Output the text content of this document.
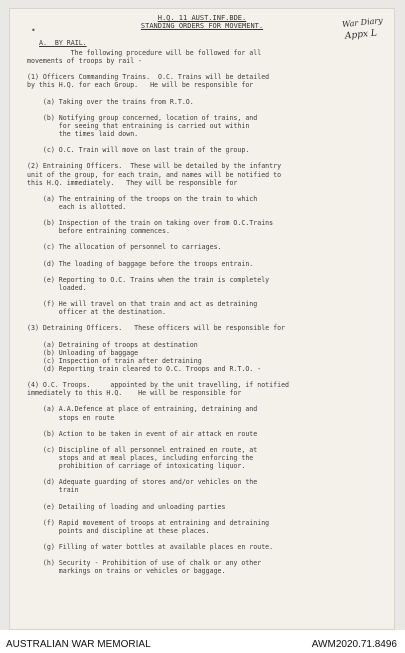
H.Q. 11 AUST.INF.BDE.
STANDING ORDERS FOR MOVEMENT.	War Diary
Appx L
•
A.  BY RAIL.
The following procedure will be followed for all
movements of troops by rail -
(1) Officers Commanding Trains.  O.C. Trains will be detailed
by this H.Q. for each Group.   He will be responsible for
(a) Taking over the trains from R.T.O.
(b) Notifying group concerned, location of trains, and
for seeing that entraining is carried out within
the times laid down.
(c) O.C. Train will move on last train of the group.
(2) Entraining Officers.  These will be detailed by the infantry
unit of the group, for each train, and names will be notified to
this H.Q. immediately.   They will be responsible for
(a) The entraining of the troops on the train to which
each is allotted.
(b) Inspection of the train on taking over from O.C.Trains
before entraining commences.
(c) The allocation of personnel to carriages.
(d) The loading of baggage before the troops entrain.
(e) Reporting to O.C. Trains when the train is completely
loaded.
(f) He will travel on that train and act as detraining
officer at the destination.
(3) Detraining Officers.   These officers will be responsible for
(a) Detraining of troops at destination
(b) Unloading of baggage
(c) Inspection of train after detraining
(d) Reporting train cleared to O.C. Troops and R.T.O. -
(4) O.C. Troops.     appointed by the unit travelling, if notified
immediately to this H.Q.    He will be responsible for
(a) A.A.Defence at place of entraining, detraining and
stops en route
(b) Action to be taken in event of air attack en route
(c) Discipline of all personnel entrained en route, at
stops and at meal places, including enforcing the
prohibition of carriage of intoxicating liquor.
(d) Adequate guarding of stores and/or vehicles on the
train
(e) Detailing of loading and unloading parties
(f) Rapid movement of troops at entraining and detraining
points and discipline at these places.
(g) Filling of water bottles at available places en route.
(h) Security - Prohibition of use of chalk or any other
markings on trains or vehicles or baggage.
AUSTRALIAN WAR MEMORIAL	AWM2020.71.8496
